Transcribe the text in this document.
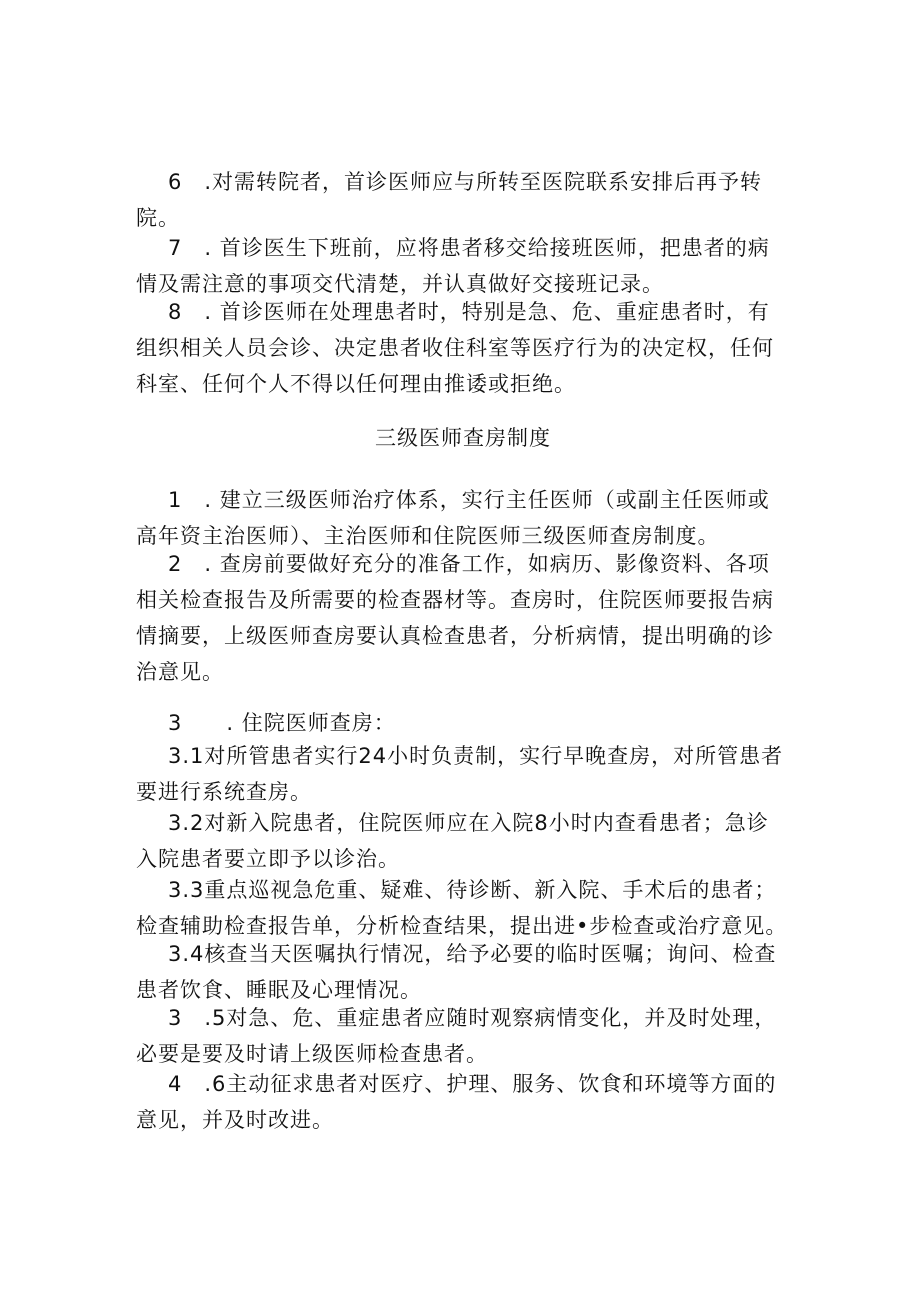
6　.对需转院者，首诊医师应与所转至医院联系安排后再予转院。

7　. 首诊医生下班前，应将患者移交给接班医师，把患者的病情及需注意的事项交代清楚，并认真做好交接班记录。

8　. 首诊医师在处理患者时，特别是急、危、重症患者时，有组织相关人员会诊、决定患者收住科室等医疗行为的决定权，任何科室、任何个人不得以任何理由推诿或拒绝。

三级医师查房制度

1　. 建立三级医师治疗体系，实行主任医师（或副主任医师或高年资主治医师）、主治医师和住院医师三级医师查房制度。

2　. 查房前要做好充分的准备工作，如病历、影像资料、各项相关检查报告及所需要的检查器材等。查房时，住院医师要报告病情摘要，上级医师查房要认真检查患者，分析病情，提出明确的诊治意见。

3　　. 住院医师查房：

3.1对所管患者实行24小时负责制，实行早晚查房，对所管患者要进行系统查房。

3.2对新入院患者，住院医师应在入院8小时内查看患者；急诊入院患者要立即予以诊治。

3.3重点巡视急危重、疑难、待诊断、新入院、手术后的患者；检查辅助检查报告单，分析检查结果，提出进•步检查或治疗意见。

3.4核查当天医嘱执行情况，给予必要的临时医嘱；询问、检查患者饮食、睡眠及心理情况。

3　.5对急、危、重症患者应随时观察病情变化，并及时处理，必要是要及时请上级医师检查患者。

4　.6主动征求患者对医疗、护理、服务、饮食和环境等方面的意见，并及时改进。
